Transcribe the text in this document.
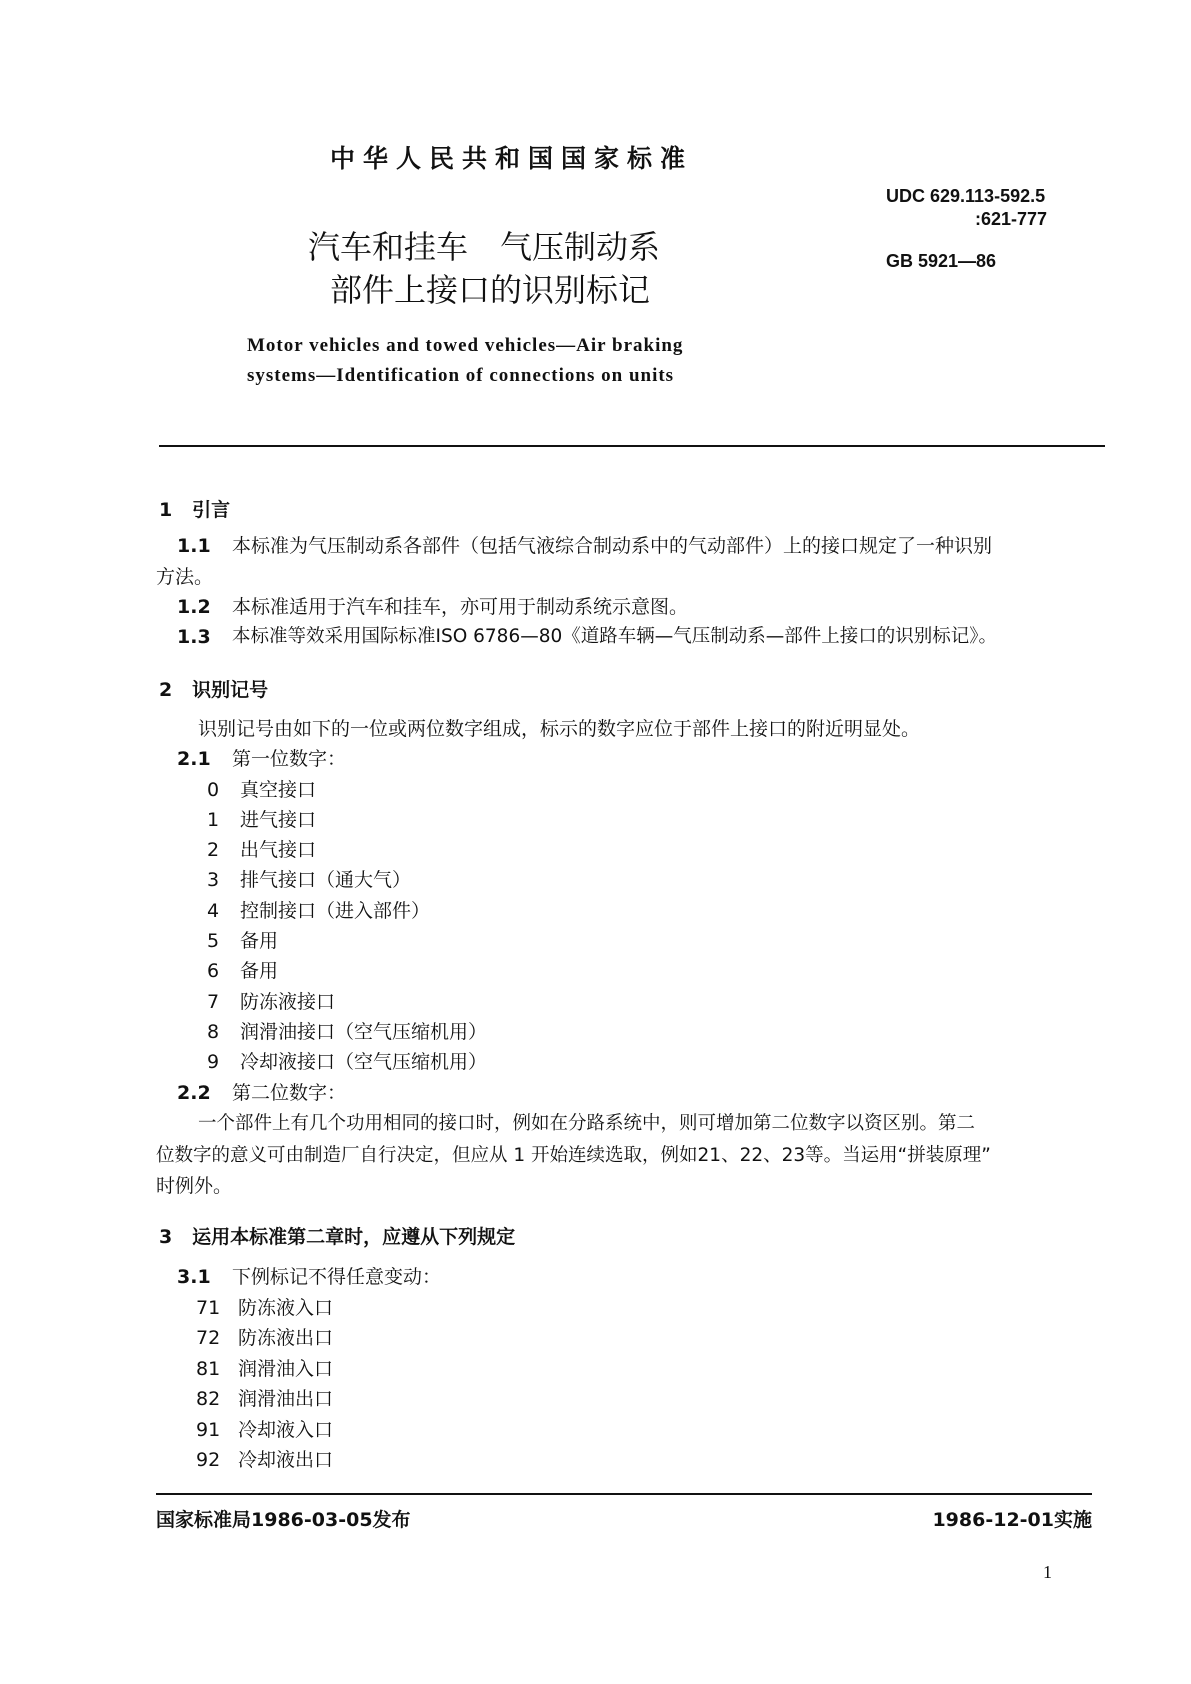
中华人民共和国国家标准
UDC 629.113-592.5
:621-777
GB 5921—86
汽车和挂车　气压制动系
部件上接口的识别标记
Motor vehicles and towed vehicles—Air braking
systems—Identification of connections on units
1 引言
1.1 本标准为气压制动系各部件（包括气液综合制动系中的气动部件）上的接口规定了一种识别
方法。
1.2 本标准适用于汽车和挂车，亦可用于制动系统示意图。
1.3 本标准等效采用国际标准ISO 6786—80《道路车辆—气压制动系—部件上接口的识别标记》。
2 识别记号
识别记号由如下的一位或两位数字组成，标示的数字应位于部件上接口的附近明显处。
2.1 第一位数字：
0 真空接口
1 进气接口
2 出气接口
3 排气接口（通大气）
4 控制接口（进入部件）
5 备用
6 备用
7 防冻液接口
8 润滑油接口（空气压缩机用）
9 冷却液接口（空气压缩机用）
2.2 第二位数字：
一个部件上有几个功用相同的接口时，例如在分路系统中，则可增加第二位数字以资区别。第二
位数字的意义可由制造厂自行决定，但应从 1 开始连续选取，例如21、22、23等。当运用“拼装原理”
时例外。
3 运用本标准第二章时，应遵从下列规定
3.1 下例标记不得任意变动：
71 防冻液入口
72 防冻液出口
81 润滑油入口
82 润滑油出口
91 冷却液入口
92 冷却液出口
国家标准局1986-03-05发布	1986-12-01实施
1
